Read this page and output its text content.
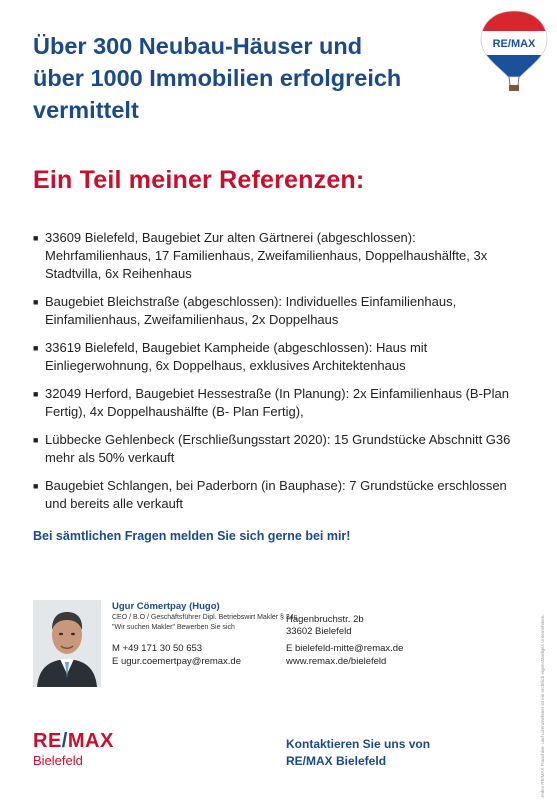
Über 300 Neubau-Häuser und
über 1000 Immobilien erfolgreich
vermittelt
RE/MAX
Ein Teil meiner Referenzen:
■ 33609 Bielefeld, Baugebiet Zur alten Gärtnerei (abgeschlossen): Mehrfamilienhaus, 17 Familienhaus, Zweifamilienhaus, Doppelhaushälfte, 3x Stadtvilla, 6x Reihenhaus
■ Baugebiet Bleichstraße (abgeschlossen): Individuelles Einfamilienhaus, Einfamilienhaus, Zweifamilienhaus, 2x Doppelhaus
■ 33619 Bielefeld, Baugebiet Kampheide (abgeschlossen): Haus mit Einliegerwohnung, 6x Doppelhaus, exklusives Architektenhaus
■ 32049 Herford, Baugebiet Hessestraße (In Planung): 2x Einfamilienhaus (B-Plan Fertig), 4x Doppelhaushälfte (B- Plan Fertig),
■ Lübbecke Gehlenbeck (Erschließungsstart 2020): 15 Grundstücke Abschnitt G36 mehr als 50% verkauft
■ Baugebiet Schlangen, bei Paderborn (in Bauphase): 7 Grundstücke erschlossen und bereits alle verkauft
Bei sämtlichen Fragen melden Sie sich gerne bei mir!
Jedes RE/MAX Franchise- und Lizenznehmer ist ein rechtlich eigenständiges Unternehmen.
Ugur Cömertpay (Hugo)
CEO / B.O / Geschäftsführer Dipl. Betriebswirt Makler § 34c
"Wir suchen Makler" Bewerben Sie sich
M +49 171 30 50 653
E ugur.coemertpay@remax.de
Hagenbruchstr. 2b
33602 Bielefeld
E bielefeld-mitte@remax.de
www.remax.de/bielefeld
RE/MAX
Bielefeld
Kontaktieren Sie uns von
RE/MAX Bielefeld
